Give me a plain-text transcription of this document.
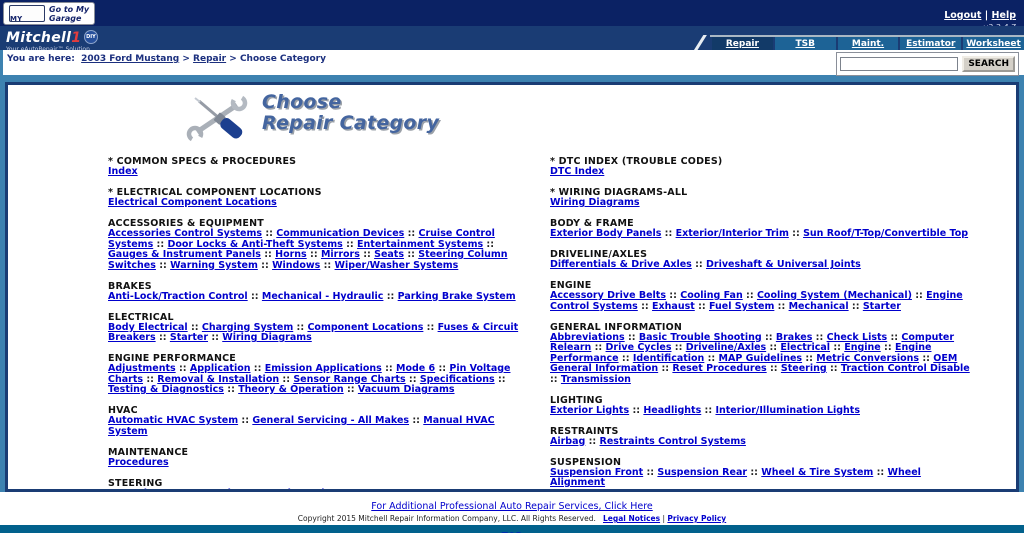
MY
Go to My
Garage	Logout | Help
Mitchell1	DIY
Repair	TSB	Maint.	Estimator	Worksheet
You are here: 2003 Ford Mustang > Repair > Choose Category	SEARCH
Choose
Repair Category
* COMMON SPECS & PROCEDURES
Index
* ELECTRICAL COMPONENT LOCATIONS
Electrical Component Locations
ACCESSORIES & EQUIPMENT
Accessories Control Systems :: Communication Devices :: Cruise Control Systems :: Door Locks & Anti-Theft Systems :: Entertainment Systems :: Gauges & Instrument Panels :: Horns :: Mirrors :: Seats :: Steering Column Switches :: Warning System :: Windows :: Wiper/Washer Systems
BRAKES
Anti-Lock/Traction Control :: Mechanical - Hydraulic :: Parking Brake System
ELECTRICAL
Body Electrical :: Charging System :: Component Locations :: Fuses & Circuit Breakers :: Starter :: Wiring Diagrams
ENGINE PERFORMANCE
Adjustments :: Application :: Emission Applications :: Mode 6 :: Pin Voltage Charts :: Removal & Installation :: Sensor Range Charts :: Specifications :: Testing & Diagnostics :: Theory & Operation :: Vacuum Diagrams
HVAC
Automatic HVAC System :: General Servicing - All Makes :: Manual HVAC System
MAINTENANCE
Procedures
STEERING
* DTC INDEX (TROUBLE CODES)
DTC Index
* WIRING DIAGRAMS-ALL
Wiring Diagrams
BODY & FRAME
Exterior Body Panels :: Exterior/Interior Trim :: Sun Roof/T-Top/Convertible Top
DRIVELINE/AXLES
Differentials & Drive Axles :: Driveshaft & Universal Joints
ENGINE
Accessory Drive Belts :: Cooling Fan :: Cooling System (Mechanical) :: Engine Control Systems :: Exhaust :: Fuel System :: Mechanical :: Starter
GENERAL INFORMATION
Abbreviations :: Basic Trouble Shooting :: Brakes :: Check Lists :: Computer Relearn :: Drive Cycles :: Driveline/Axles :: Electrical :: Engine :: Engine Performance :: Identification :: MAP Guidelines :: Metric Conversions :: OEM General Information :: Reset Procedures :: Steering :: Traction Control Disable :: Transmission
LIGHTING
Exterior Lights :: Headlights :: Interior/Illumination Lights
RESTRAINTS
Airbag :: Restraints Control Systems
SUSPENSION
Suspension Front :: Suspension Rear :: Wheel & Tire System :: Wheel Alignment
For Additional Professional Auto Repair Services, Click Here
Copyright 2015 Mitchell Repair Information Company, LLC. All Rights Reserved. Legal Notices | Privacy Policy
